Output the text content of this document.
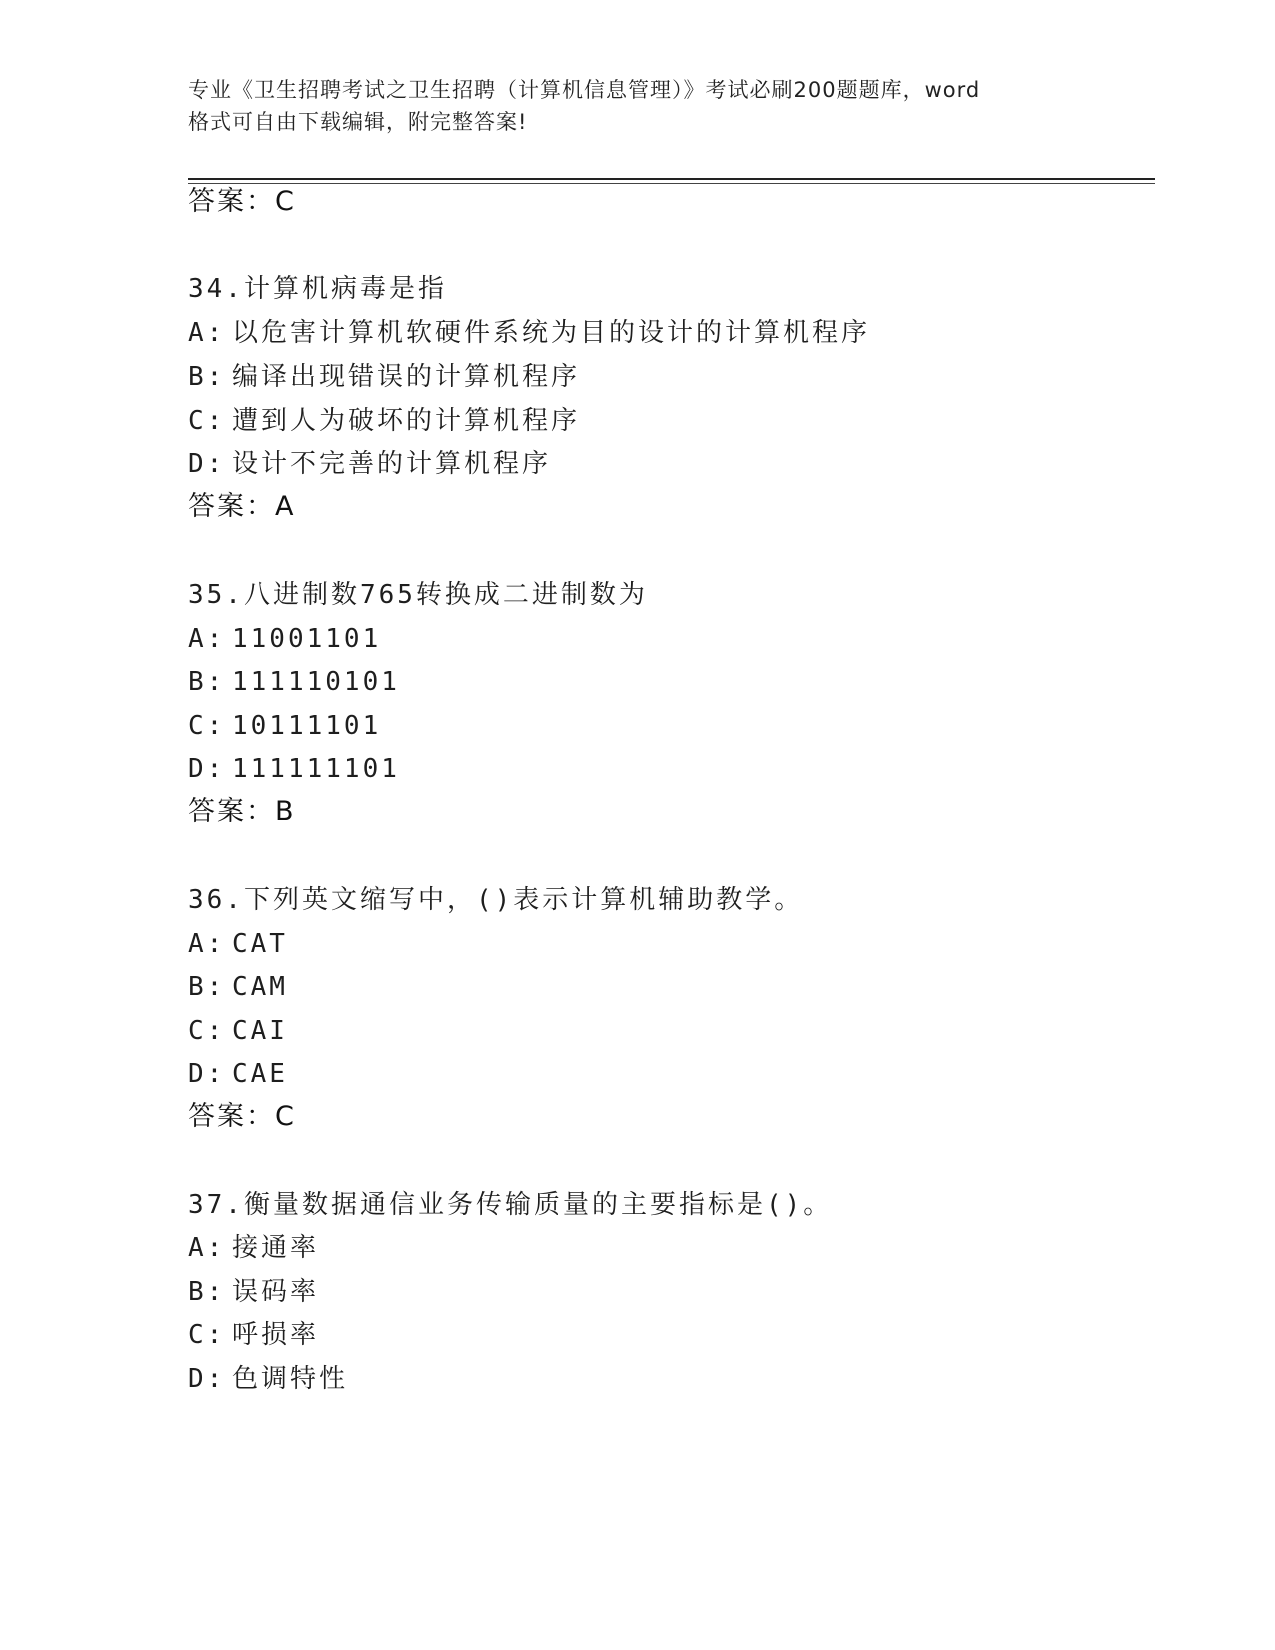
专业《卫生招聘考试之卫生招聘（计算机信息管理）》考试必刷200题题库，word
格式可自由下载编辑，附完整答案!
答案：C
34.计算机病毒是指
A: 以危害计算机软硬件系统为目的设计的计算机程序
B: 编译出现错误的计算机程序
C: 遭到人为破坏的计算机程序
D: 设计不完善的计算机程序
答案：A
35.八进制数765转换成二进制数为
A: 11001101
B: 111110101
C: 10111101
D: 111111101
答案：B
36.下列英文缩写中，()表示计算机辅助教学。
A: CAT
B: CAM
C: CAI
D: CAE
答案：C
37.衡量数据通信业务传输质量的主要指标是()。
A: 接通率
B: 误码率
C: 呼损率
D: 色调特性
